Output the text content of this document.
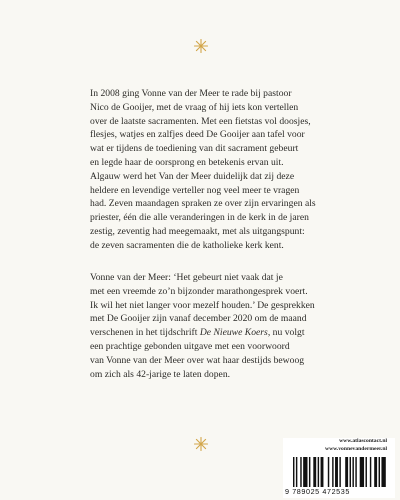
In 2008 ging Vonne van der Meer te rade bij pastoor
Nico de Gooijer, met de vraag of hij iets kon vertellen
over de laatste sacramenten. Met een fietstas vol doosjes,
flesjes, watjes en zalfjes deed De Gooijer aan tafel voor
wat er tijdens de toediening van dit sacrament gebeurt
en legde haar de oorsprong en betekenis ervan uit.
Algauw werd het Van der Meer duidelijk dat zij deze
heldere en levendige verteller nog veel meer te vragen
had. Zeven maandagen spraken ze over zijn ervaringen als
priester, één die alle veranderingen in de kerk in de jaren
zestig, zeventig had meegemaakt, met als uitgangspunt:
de zeven sacramenten die de katholieke kerk kent.
Vonne van der Meer: ‘Het gebeurt niet vaak dat je
met een vreemde zo’n bijzonder marathongesprek voert.
Ik wil het niet langer voor mezelf houden.’ De gesprekken
met De Gooijer zijn vanaf december 2020 om de maand
verschenen in het tijdschrift De Nieuwe Koers, nu volgt
een prachtige gebonden uitgave met een voorwoord
van Vonne van der Meer over wat haar destijds bewoog
om zich als 42-jarige te laten dopen.
www.atlascontact.nl
www.vonnevandermeer.nl
9 789025 472535
